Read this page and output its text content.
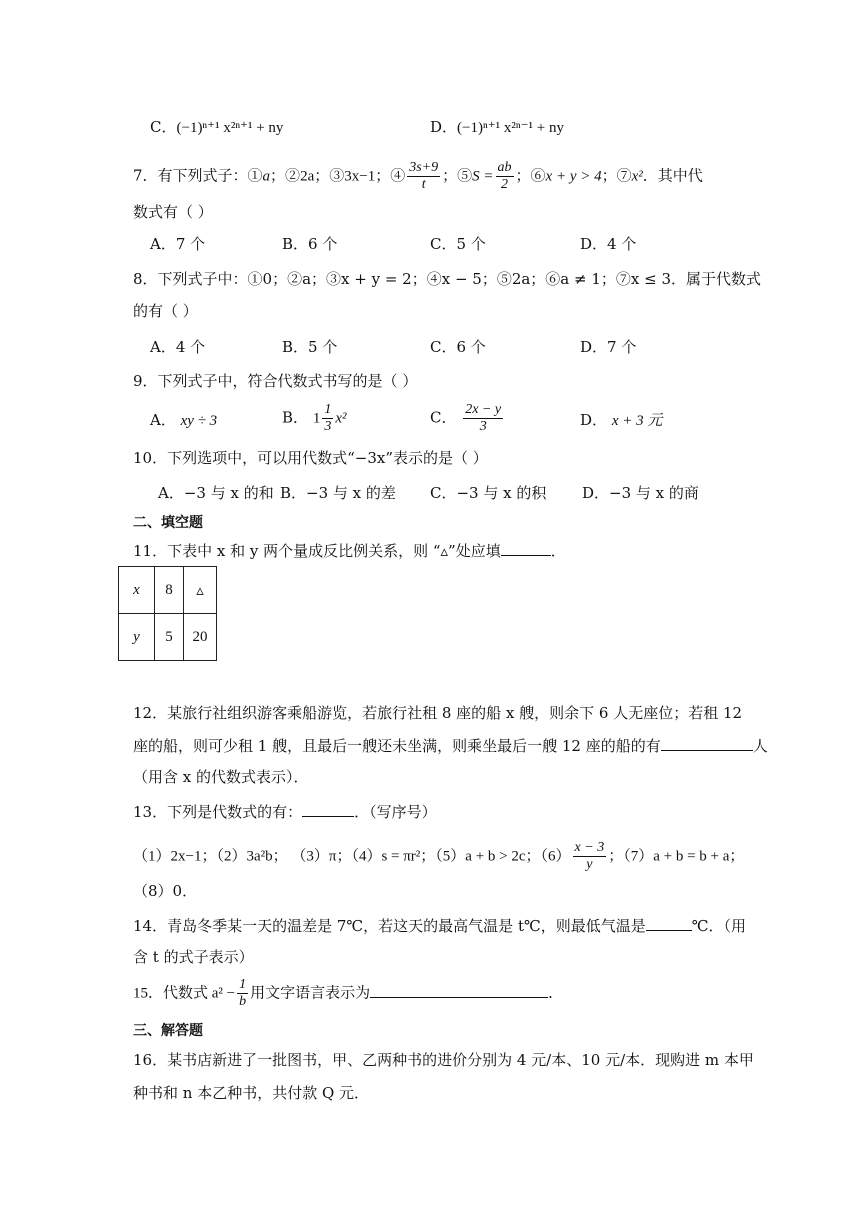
C．(−1)ⁿ⁺¹ x²ⁿ⁺¹ + ny	D．(−1)ⁿ⁺¹ x²ⁿ⁻¹ + ny
7．有下列式子：①a；②2a；③3x−1；④ $\frac{3s+9}{t}$ ；⑤S = $\frac{ab}{2}$ ；⑥x + y > 4；⑦x²．其中代
数式有（ ）
A．7 个	B．6 个	C．5 个	D．4 个
8．下列式子中：①0；②a；③x + y = 2；④x − 5；⑤2a；⑥a ≠ 1；⑦x ≤ 3．属于代数式
的有（ ）
A．4 个	B．5 个	C．6 个	D．7 个
9．下列式子中，符合代数式书写的是（ ）
A． xy ÷ 3	B． $1 \frac{1}{3} x^2$	C． $\frac{2x - y}{3}$	D． x + 3 元
10．下列选项中，可以用代数式“−3x”表示的是（ ）
A．−3 与 x 的和 B．−3 与 x 的差 C．−3 与 x 的积 D．−3 与 x 的商
二、填空题
11．下表中 x 和 y 两个量成反比例关系，则 “▵”处应填	．
x	8	▵
y	5	20
12．某旅行社组织游客乘船游览，若旅行社租 8 座的船 x 艘，则余下 6 人无座位；若租 12
座的船，则可少租 1 艘，且最后一艘还未坐满，则乘坐最后一艘 12 座的船的有	人
（用含 x 的代数式表示）．
13．下列是代数式的有：	．（写序号）
（1）2x−1；（2）3a²b； （3）π；（4）s = πr²；（5）a + b > 2c；$(6) \frac{x - 3}{y}$ ；（7）a + b = b + a；
（8）0．
14．青岛冬季某一天的温差是 7℃，若这天的最高气温是 t℃，则最低气温是	℃．（用
含 t 的式子表示）
15．代数式 $a^2 - \frac{1}{b}$ 用文字语言表示为	．
三、解答题
16．某书店新进了一批图书，甲、乙两种书的进价分别为 4 元/本、10 元/本．现购进 m 本甲
种书和 n 本乙种书，共付款 Q 元．
